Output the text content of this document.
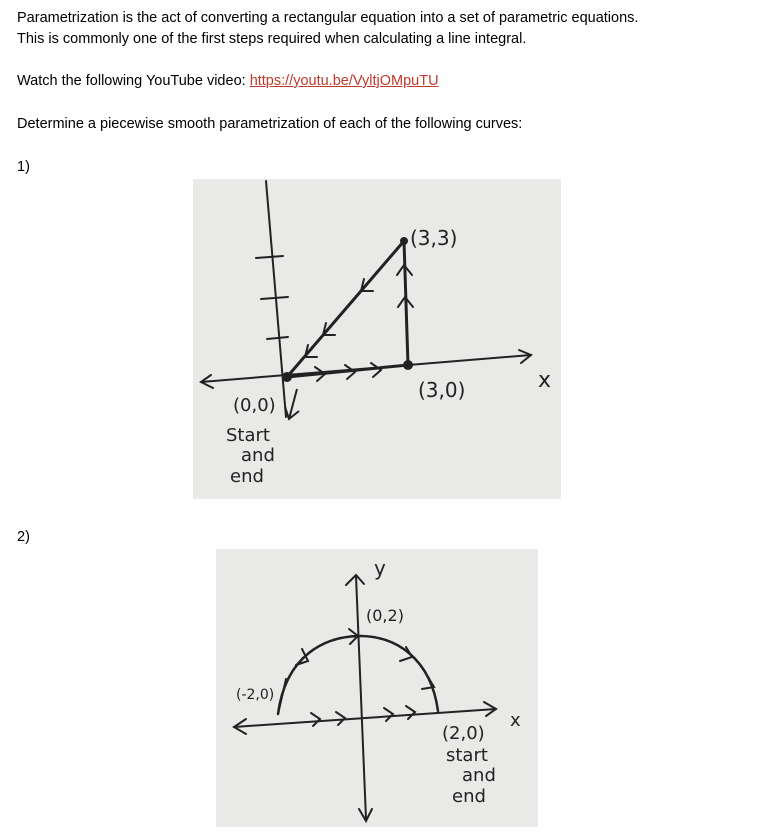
Parametrization is the act of converting a rectangular equation into a set of parametric equations.
This is commonly one of the first steps required when calculating a line integral.
Watch the following YouTube video: https://youtu.be/VyltjOMpuTU
Determine a piecewise smooth parametrization of each of the following curves:
1)
(3,3)
(3,0)
(0,0)
x
Start
and
end
2)
y
(0,2)
(-2,0)
(2,0)
x
start
and
end
